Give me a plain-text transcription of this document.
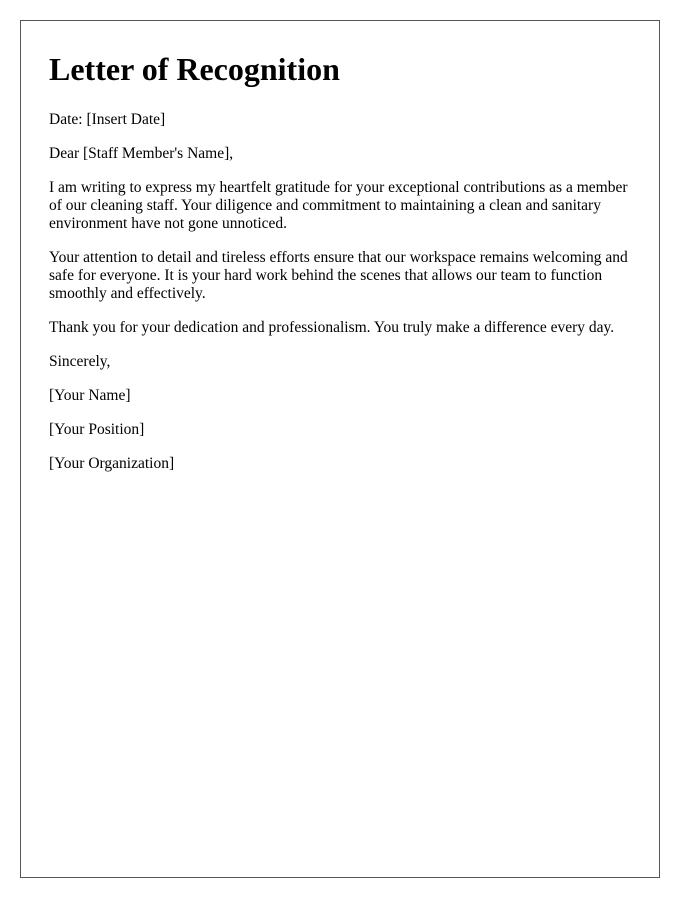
Letter of Recognition

Date: [Insert Date]

Dear [Staff Member's Name],

I am writing to express my heartfelt gratitude for your exceptional contributions as a member of our cleaning staff. Your diligence and commitment to maintaining a clean and sanitary environment have not gone unnoticed.

Your attention to detail and tireless efforts ensure that our workspace remains welcoming and safe for everyone. It is your hard work behind the scenes that allows our team to function smoothly and effectively.

Thank you for your dedication and professionalism. You truly make a difference every day.

Sincerely,

[Your Name]

[Your Position]

[Your Organization]
